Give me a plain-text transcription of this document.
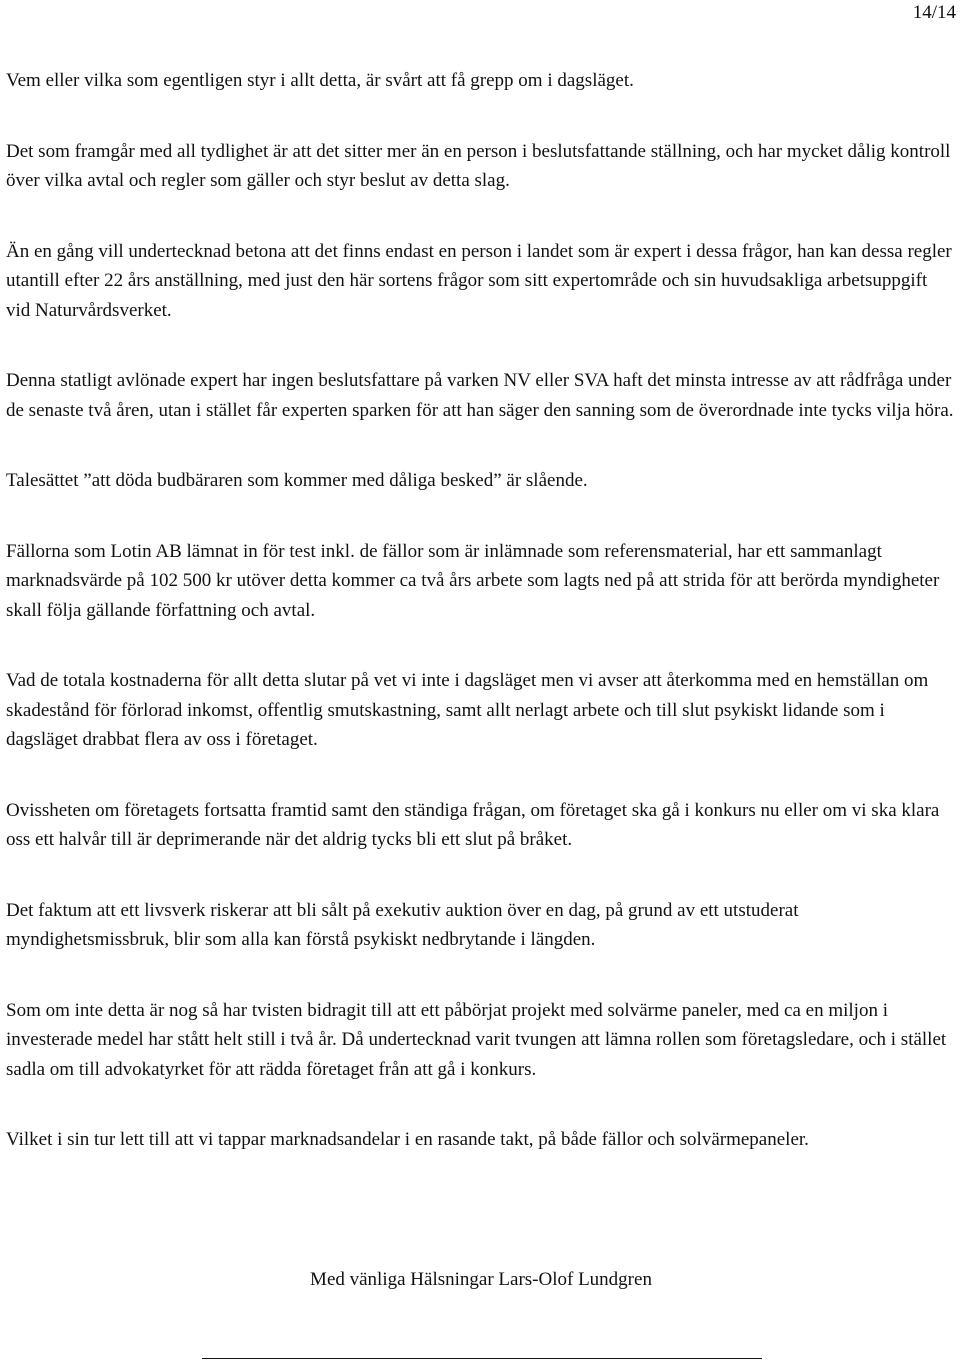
14/14

Vem eller vilka som egentligen styr i allt detta, är svårt att få grepp om i dagsläget.

Det som framgår med all tydlighet är att det sitter mer än en person i beslutsfattande ställning, och har mycket dålig kontroll över vilka avtal och regler som gäller och styr beslut av detta slag.

Än en gång vill undertecknad betona att det finns endast en person i landet som är expert i dessa frågor, han kan dessa regler utantill efter 22 års anställning, med just den här sortens frågor som sitt expertområde och sin huvudsakliga arbetsuppgift vid Naturvårdsverket.

Denna statligt avlönade expert har ingen beslutsfattare på varken NV eller SVA haft det minsta intresse av att rådfråga under de senaste två åren, utan i stället får experten sparken för att han säger den sanning som de överordnade inte tycks vilja höra.

Talesättet ”att döda budbäraren som kommer med dåliga besked” är slående.

Fällorna som Lotin AB lämnat in för test inkl. de fällor som är inlämnade som referensmaterial, har ett sammanlagt marknadsvärde på 102 500 kr utöver detta kommer ca två års arbete som lagts ned på att strida för att berörda myndigheter skall följa gällande författning och avtal.

Vad de totala kostnaderna för allt detta slutar på vet vi inte i dagsläget men vi avser att återkomma med en hemställan om skadestånd för förlorad inkomst, offentlig smutskastning, samt allt nerlagt arbete och till slut psykiskt lidande som i dagsläget drabbat flera av oss i företaget.

Ovissheten om företagets fortsatta framtid samt den ständiga frågan, om företaget ska gå i konkurs nu eller om vi ska klara oss ett halvår till är deprimerande när det aldrig tycks bli ett slut på bråket.

Det faktum att ett livsverk riskerar att bli sålt på exekutiv auktion över en dag, på grund av ett utstuderat myndighetsmissbruk, blir som alla kan förstå psykiskt nedbrytande i längden.

Som om inte detta är nog så har tvisten bidragit till att ett påbörjat projekt med solvärme paneler, med ca en miljon i investerade medel har stått helt still i två år. Då undertecknad varit tvungen att lämna rollen som företagsledare, och i stället sadla om till advokatyrket för att rädda företaget från att gå i konkurs.

Vilket i sin tur lett till att vi tappar marknadsandelar i en rasande takt, på både fällor och solvärmepaneler.

Med vänliga Hälsningar Lars-Olof Lundgren
